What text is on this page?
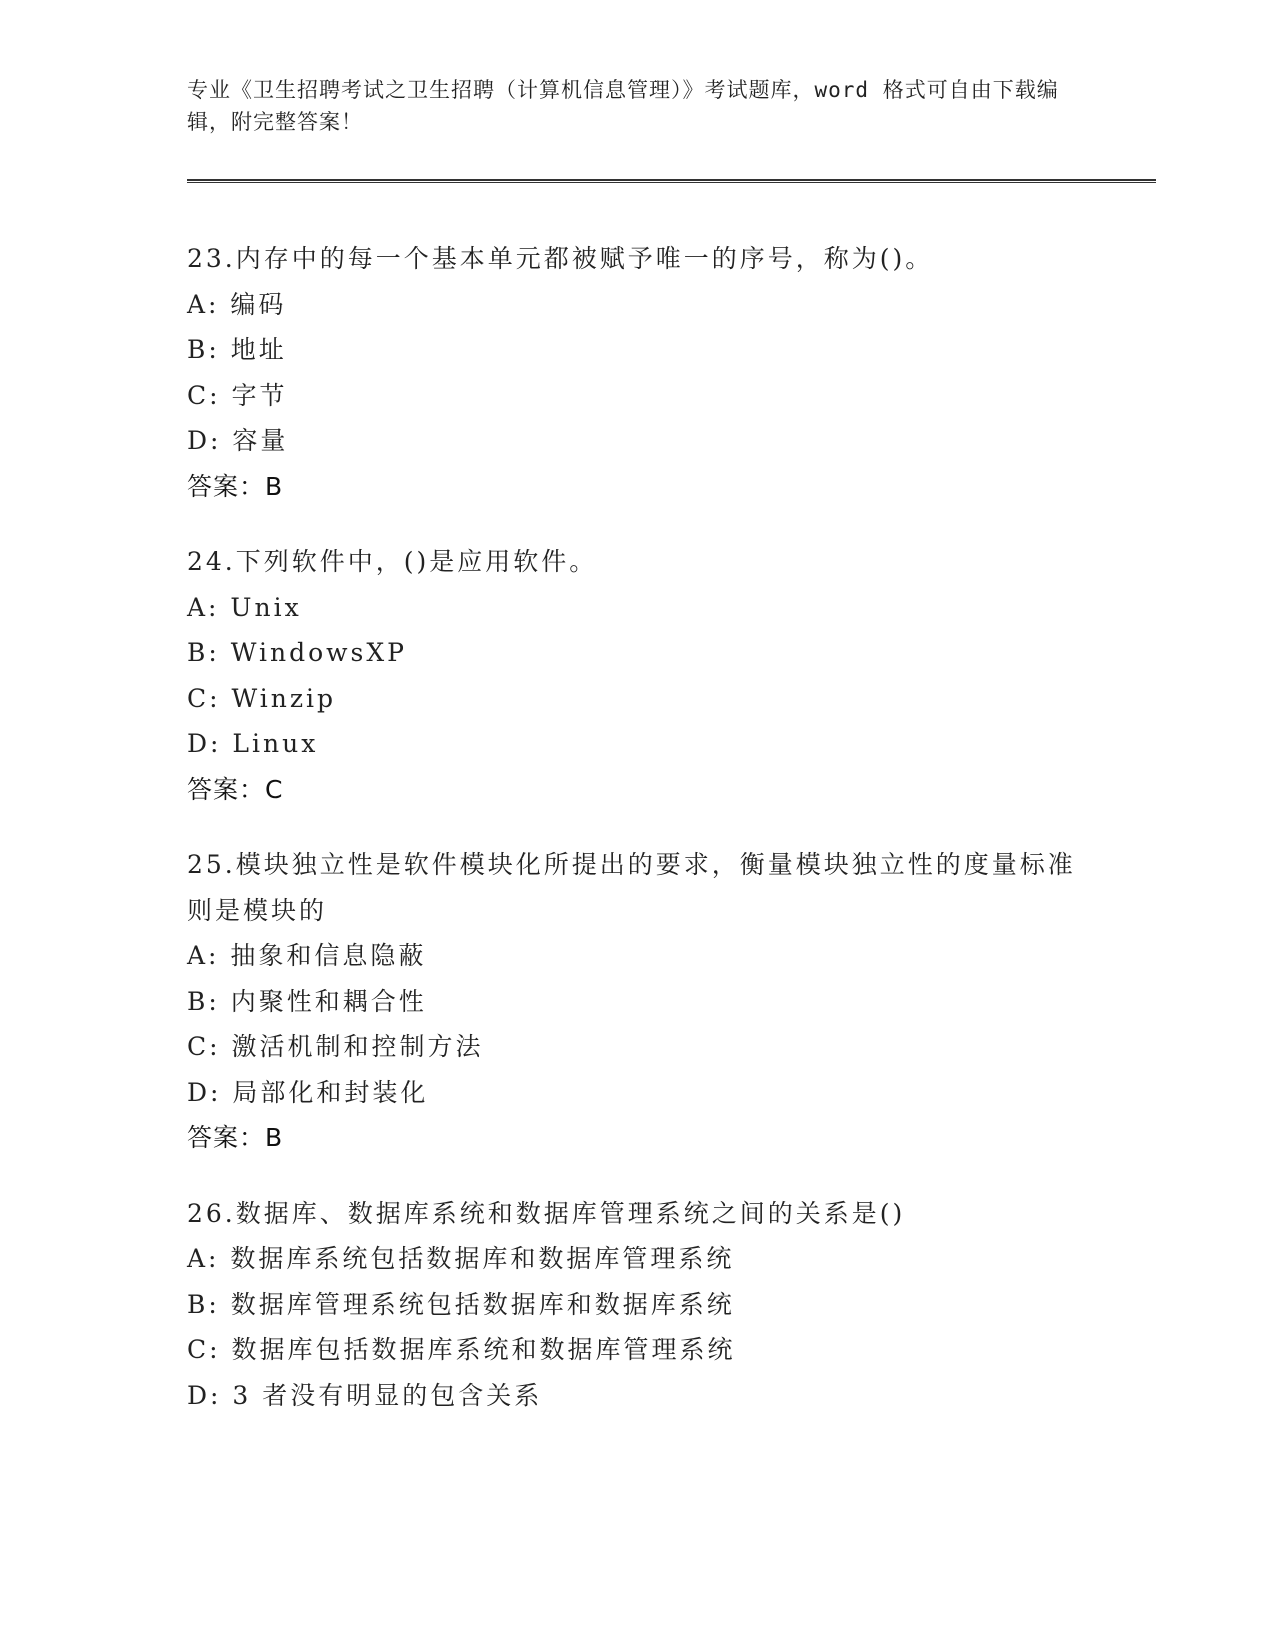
专业《卫生招聘考试之卫生招聘（计算机信息管理）》考试题库，word 格式可自由下载编辑，附完整答案！
23.内存中的每一个基本单元都被赋予唯一的序号，称为()。
A: 编码
B: 地址
C: 字节
D: 容量
答案：B
24.下列软件中，()是应用软件。
A: Unix
B: WindowsXP
C: Winzip
D: Linux
答案：C
25.模块独立性是软件模块化所提出的要求，衡量模块独立性的度量标准则是模块的
A: 抽象和信息隐蔽
B: 内聚性和耦合性
C: 激活机制和控制方法
D: 局部化和封装化
答案：B
26.数据库、数据库系统和数据库管理系统之间的关系是()
A: 数据库系统包括数据库和数据库管理系统
B: 数据库管理系统包括数据库和数据库系统
C: 数据库包括数据库系统和数据库管理系统
D: 3 者没有明显的包含关系
